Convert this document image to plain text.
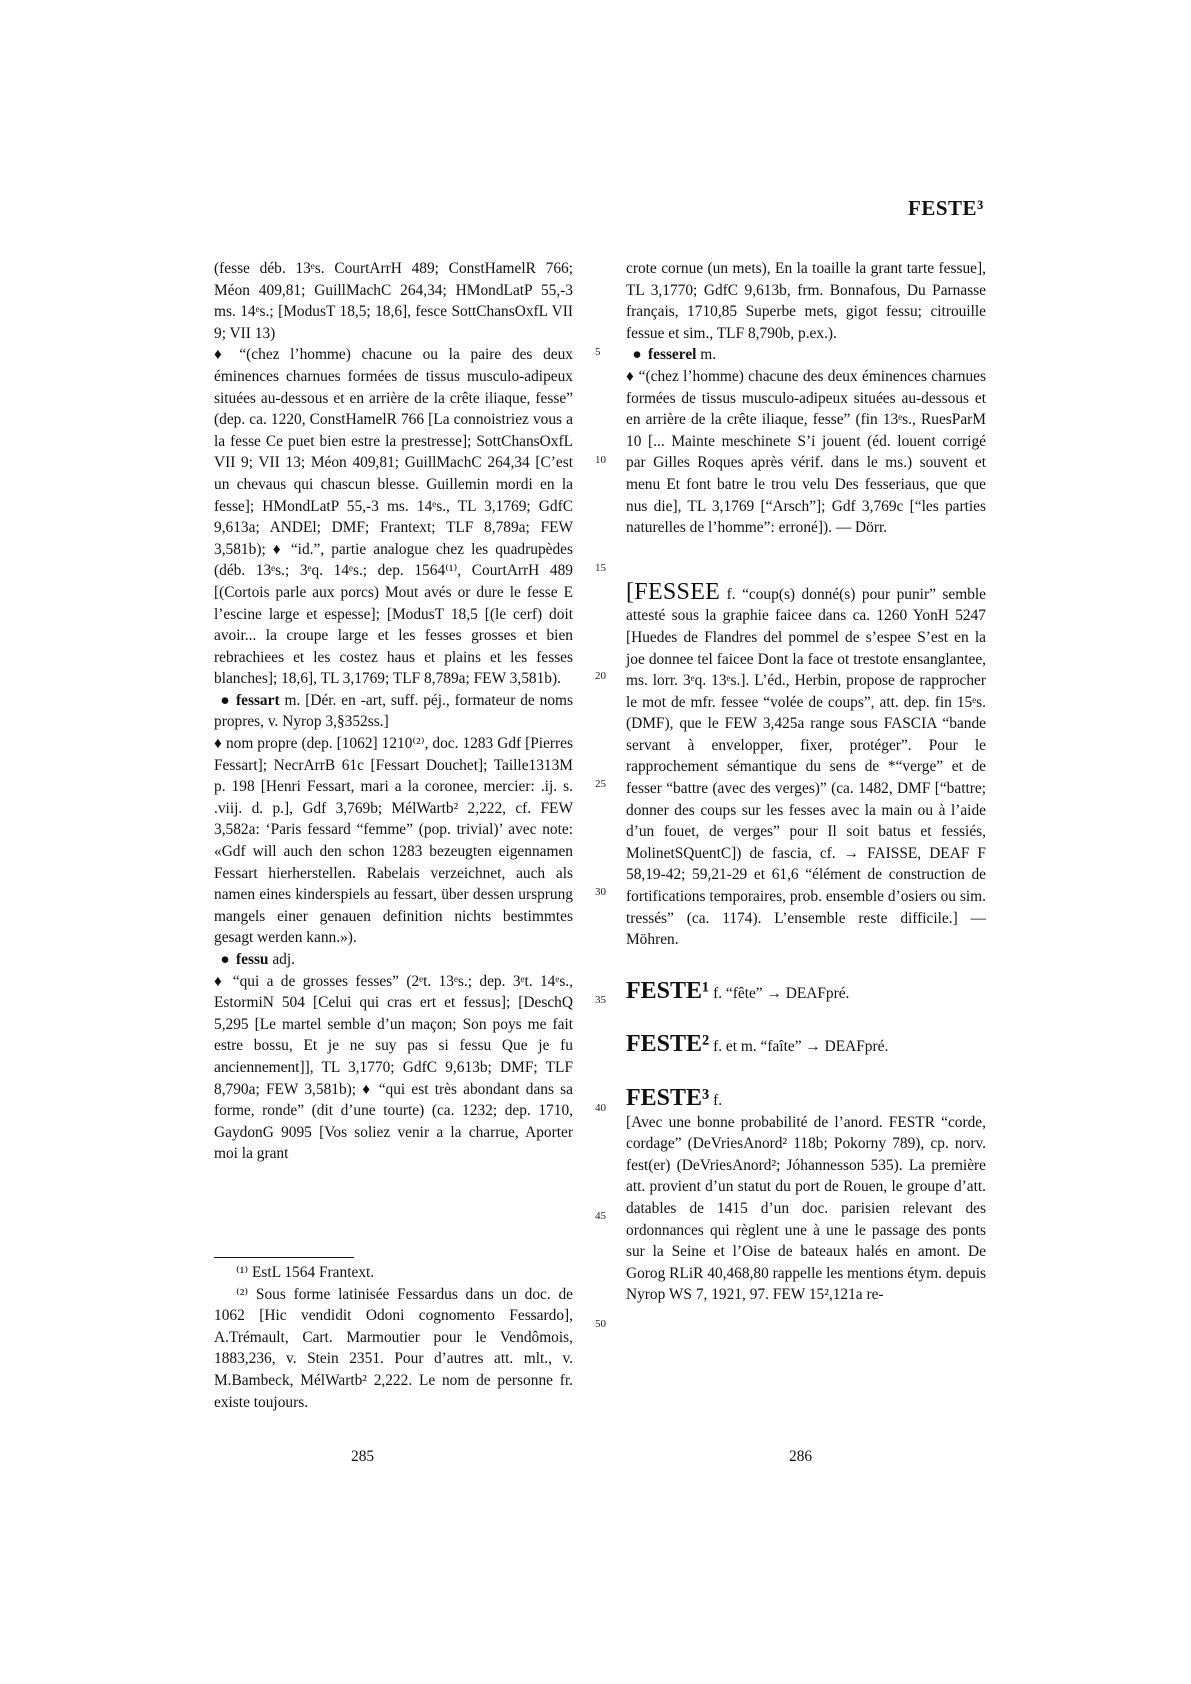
FESTE³

(fesse déb. 13ᵉs. CourtArrH 489; ConstHamelR 766; Méon 409,81; GuillMachC 264,34; HMondLatP 55,-3 ms. 14ᵉs.; [ModusT 18,5; 18,6], fesce SottChansOxfL VII 9; VII 13)

♦ “(chez l’homme) chacune ou la paire des deux éminences charnues formées de tissus musculo-adipeux situées au-dessous et en arrière de la crête iliaque, fesse” (dep. ca. 1220, ConstHamelR 766 [La connoistriez vous a la fesse Ce puet bien estre la prestresse]; SottChansOxfL VII 9; VII 13; Méon 409,81; GuillMachC 264,34 [C’est un chevaus qui chascun blesse. Guillemin mordi en la fesse]; HMondLatP 55,-3 ms. 14ᵉs., TL 3,1769; GdfC 9,613a; ANDEl; DMF; Frantext; TLF 8,789a; FEW 3,581b); ♦ “id.”, partie analogue chez les quadrupèdes (déb. 13ᵉs.; 3ᵉq. 14ᵉs.; dep. 1564⁽¹⁾, CourtArrH 489 [(Cortois parle aux porcs) Mout avés or dure le fesse E l’escine large et espesse]; [ModusT 18,5 [(le cerf) doit avoir... la croupe large et les fesses grosses et bien rebrachiees et les costez haus et plains et les fesses blanches]; 18,6], TL 3,1769; TLF 8,789a; FEW 3,581b).

● fessart m. [Dér. en -art, suff. péj., formateur de noms propres, v. Nyrop 3,§352ss.]

♦ nom propre (dep. [1062] 1210⁽²⁾, doc. 1283 Gdf [Pierres Fessart]; NecrArrB 61c [Fessart Douchet]; Taille1313M p. 198 [Henri Fessart, mari a la coronee, mercier: .ij. s. .viij. d. p.], Gdf 3,769b; MélWartb² 2,222, cf. FEW 3,582a: ‘Paris fessard “femme” (pop. trivial)’ avec note: «Gdf will auch den schon 1283 bezeugten eigennamen Fessart hierherstellen. Rabelais verzeichnet, auch als namen eines kinderspiels au fessart, über dessen ursprung mangels einer genauen definition nichts bestimmtes gesagt werden kann.»).

● fessu adj.

♦ “qui a de grosses fesses” (2ᵉt. 13ᵉs.; dep. 3ᵉt. 14ᵉs., EstormiN 504 [Celui qui cras ert et fessus]; [DeschQ 5,295 [Le martel semble d’un maçon; Son poys me fait estre bossu, Et je ne suy pas si fessu Que je fu anciennement]], TL 3,1770; GdfC 9,613b; DMF; TLF 8,790a; FEW 3,581b); ♦ “qui est très abondant dans sa forme, ronde” (dit d’une tourte) (ca. 1232; dep. 1710, GaydonG 9095 [Vos soliez venir a la charrue, Aporter moi la grant

⁽¹⁾ EstL 1564 Frantext.

⁽²⁾ Sous forme latinisée Fessardus dans un doc. de 1062 [Hic vendidit Odoni cognomento Fessardo], A.Trémault, Cart. Marmoutier pour le Vendômois, 1883,236, v. Stein 2351. Pour d’autres att. mlt., v. M.Bambeck, MélWartb² 2,222. Le nom de personne fr. existe toujours.

5
10
15
20
25
30
35
40
45
50

crote cornue (un mets), En la toaille la grant tarte fessue], TL 3,1770; GdfC 9,613b, frm. Bonnafous, Du Parnasse français, 1710,85 Superbe mets, gigot fessu; citrouille fessue et sim., TLF 8,790b, p.ex.).

● fesserel m.

♦ “(chez l’homme) chacune des deux éminences charnues formées de tissus musculo-adipeux situées au-dessous et en arrière de la crête iliaque, fesse” (fin 13ᵉs., RuesParM 10 [... Mainte meschinete S’i jouent (éd. louent corrigé par Gilles Roques après vérif. dans le ms.) souvent et menu Et font batre le trou velu Des fesseriaus, que que nus die], TL 3,1769 [“Arsch”]; Gdf 3,769c [“les parties naturelles de l’homme”: erroné]). — Dörr.

[FESSEE f. “coup(s) donné(s) pour punir” semble attesté sous la graphie faicee dans ca. 1260 YonH 5247 [Huedes de Flandres del pommel de s’espee S’est en la joe donnee tel faicee Dont la face ot trestote ensanglantee, ms. lorr. 3ᵉq. 13ᵉs.]. L’éd., Herbin, propose de rapprocher le mot de mfr. fessee “volée de coups”, att. dep. fin 15ᵉs. (DMF), que le FEW 3,425a range sous FASCIA “bande servant à envelopper, fixer, protéger”. Pour le rapprochement sémantique du sens de *“verge” et de fesser “battre (avec des verges)” (ca. 1482, DMF [“battre; donner des coups sur les fesses avec la main ou à l’aide d’un fouet, de verges” pour Il soit batus et fessiés, MolinetSQuentC]) de fascia, cf. → FAISSE, DEAF F 58,19-42; 59,21-29 et 61,6 “élément de construction de fortifications temporaires, prob. ensemble d’osiers ou sim. tressés” (ca. 1174). L’ensemble reste difficile.] — Möhren.

FESTE¹ f. “fête” → DEAFpré.

FESTE² f. et m. “faîte” → DEAFpré.

FESTE³ f.

[Avec une bonne probabilité de l’anord. FESTR “corde, cordage” (DeVriesAnord² 118b; Pokorny 789), cp. norv. fest(er) (DeVriesAnord²; Jóhannesson 535). La première att. provient d’un statut du port de Rouen, le groupe d’att. datables de 1415 d’un doc. parisien relevant des ordonnances qui règlent une à une le passage des ponts sur la Seine et l’Oise de bateaux halés en amont. De Gorog RLiR 40,468,80 rappelle les mentions étym. depuis Nyrop WS 7, 1921, 97. FEW 15²,121a re-

285	286
